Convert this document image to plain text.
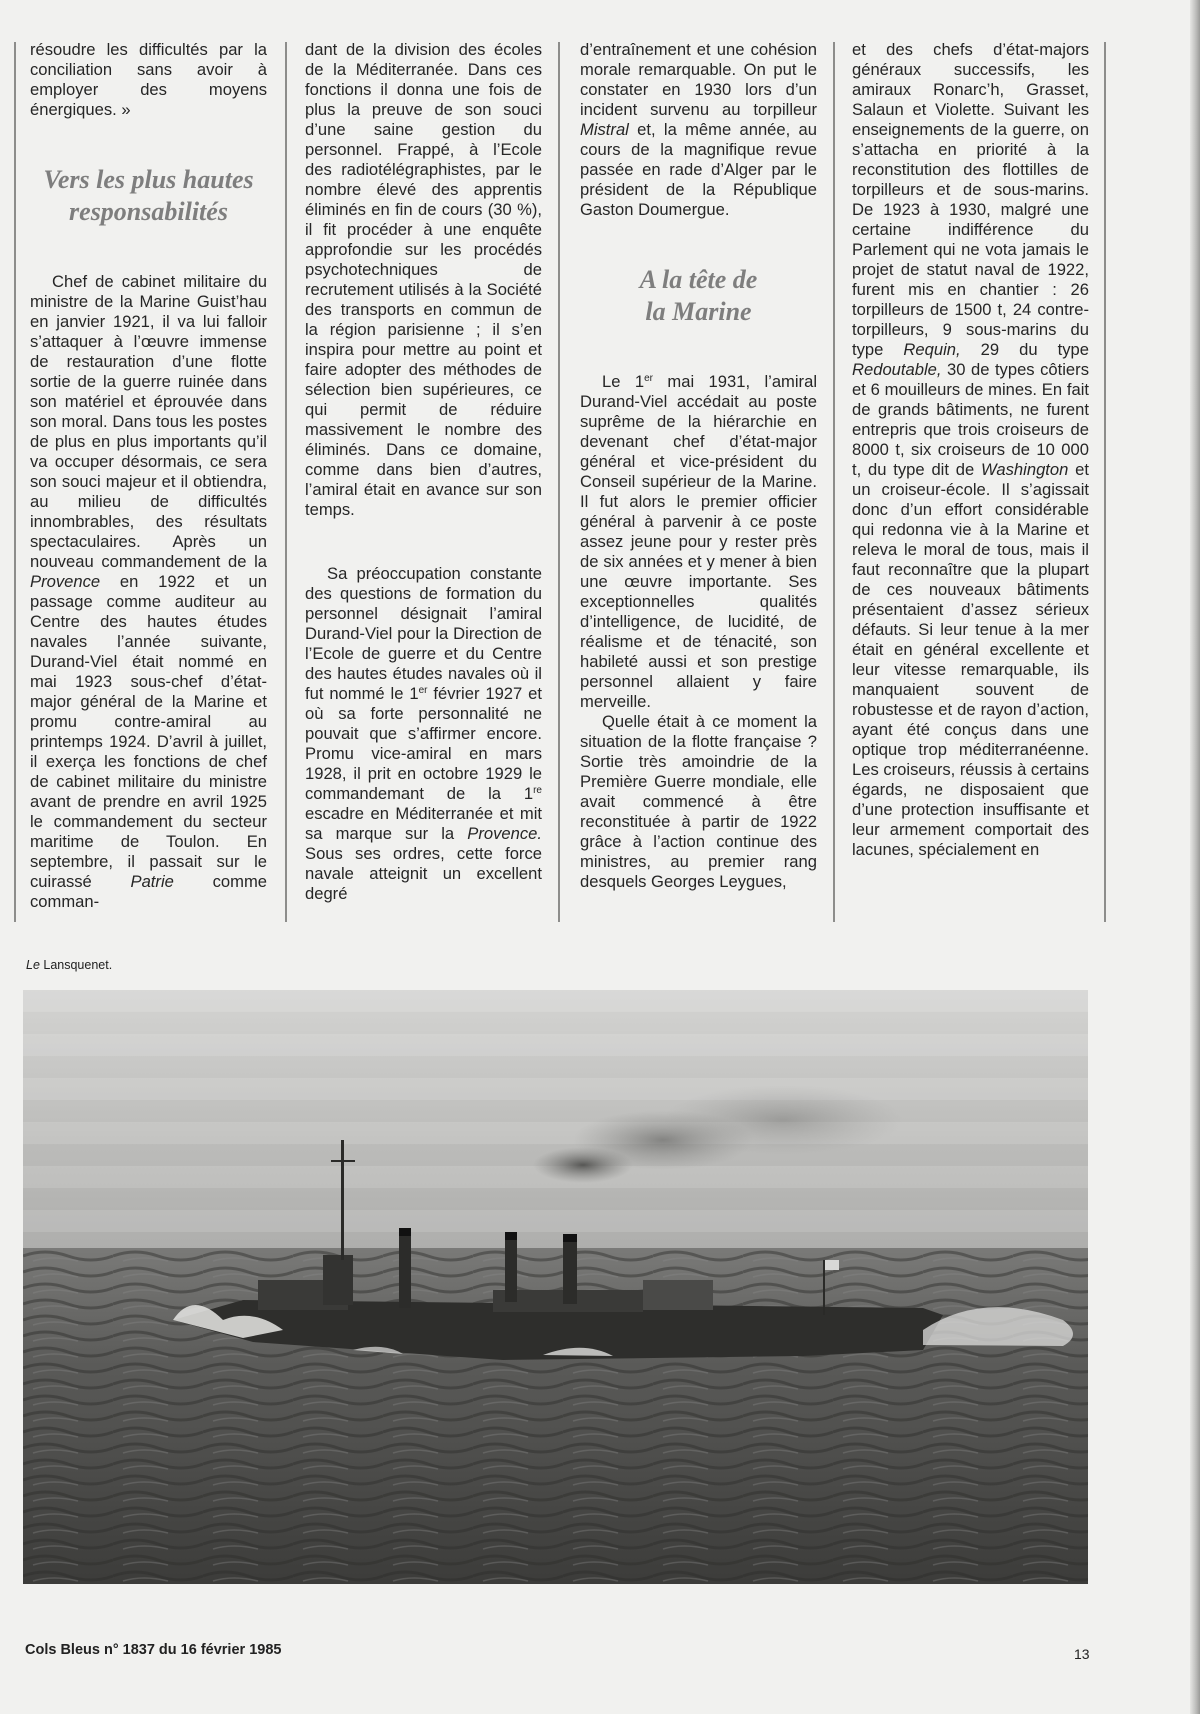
résoudre les difficultés par la conciliation sans avoir à employer des moyens énergiques. »

Vers les plus hautes
responsabilités

Chef de cabinet militaire du ministre de la Marine Guist’hau en janvier 1921, il va lui falloir s’attaquer à l’œuvre immense de restauration d’une flotte sortie de la guerre ruinée dans son matériel et éprouvée dans son moral. Dans tous les postes de plus en plus importants qu’il va occuper désormais, ce sera son souci majeur et il obtiendra, au milieu de difficultés innombrables, des résultats spectaculaires. Après un nouveau commandement de la Provence en 1922 et un passage comme auditeur au Centre des hautes études navales l’année suivante, Durand-Viel était nommé en mai 1923 sous-chef d’état-major général de la Marine et promu contre-amiral au printemps 1924. D’avril à juillet, il exerça les fonctions de chef de cabinet militaire du ministre avant de prendre en avril 1925 le commandement du secteur maritime de Toulon. En septembre, il passait sur le cuirassé Patrie comme comman-

dant de la division des écoles de la Méditerranée. Dans ces fonctions il donna une fois de plus la preuve de son souci d’une saine gestion du personnel. Frappé, à l’Ecole des radiotélégraphistes, par le nombre élevé des apprentis éliminés en fin de cours (30 %), il fit procéder à une enquête approfondie sur les procédés psychotechniques de recrutement utilisés à la Société des transports en commun de la région parisienne ; il s’en inspira pour mettre au point et faire adopter des méthodes de sélection bien supérieures, ce qui permit de réduire massivement le nombre des éliminés. Dans ce domaine, comme dans bien d’autres, l’amiral était en avance sur son temps.

Sa préoccupation constante des questions de formation du personnel désignait l’amiral Durand-Viel pour la Direction de l’Ecole de guerre et du Centre des hautes études navales où il fut nommé le 1er février 1927 et où sa forte personnalité ne pouvait que s’affirmer encore. Promu vice-amiral en mars 1928, il prit en octobre 1929 le commandemant de la 1re escadre en Méditerranée et mit sa marque sur la Provence. Sous ses ordres, cette force navale atteignit un excellent degré

d’entraînement et une cohésion morale remarquable. On put le constater en 1930 lors d’un incident survenu au torpilleur Mistral et, la même année, au cours de la magnifique revue passée en rade d’Alger par le président de la République Gaston Doumergue.

A la tête de
la Marine

Le 1er mai 1931, l’amiral Durand-Viel accédait au poste suprême de la hiérarchie en devenant chef d’état-major général et vice-président du Conseil supérieur de la Marine. Il fut alors le premier officier général à parvenir à ce poste assez jeune pour y rester près de six années et y mener à bien une œuvre importante. Ses exceptionnelles qualités d’intelligence, de lucidité, de réalisme et de ténacité, son habileté aussi et son prestige personnel allaient y faire merveille.

Quelle était à ce moment la situation de la flotte française ? Sortie très amoindrie de la Première Guerre mondiale, elle avait commencé à être reconstituée à partir de 1922 grâce à l’action continue des ministres, au premier rang desquels Georges Leygues,

et des chefs d’état-majors généraux successifs, les amiraux Ronarc’h, Grasset, Salaun et Violette. Suivant les enseignements de la guerre, on s’attacha en priorité à la reconstitution des flottilles de torpilleurs et de sous-marins. De 1923 à 1930, malgré une certaine indifférence du Parlement qui ne vota jamais le projet de statut naval de 1922, furent mis en chantier : 26 torpilleurs de 1500 t, 24 contre-torpilleurs, 9 sous-marins du type Requin, 29 du type Redoutable, 30 de types côtiers et 6 mouilleurs de mines. En fait de grands bâtiments, ne furent entrepris que trois croiseurs de 8000 t, six croiseurs de 10 000 t, du type dit de Washington et un croiseur-école. Il s’agissait donc d’un effort considérable qui redonna vie à la Marine et releva le moral de tous, mais il faut reconnaître que la plupart de ces nouveaux bâtiments présentaient d’assez sérieux défauts. Si leur tenue à la mer était en général excellente et leur vitesse remarquable, ils manquaient souvent de robustesse et de rayon d’action, ayant été conçus dans une optique trop méditerranéenne. Les croiseurs, réussis à certains égards, ne disposaient que d’une protection insuffisante et leur armement comportait des lacunes, spécialement en

Le Lansquenet.
Cols Bleus n° 1837 du 16 février 1985	13
